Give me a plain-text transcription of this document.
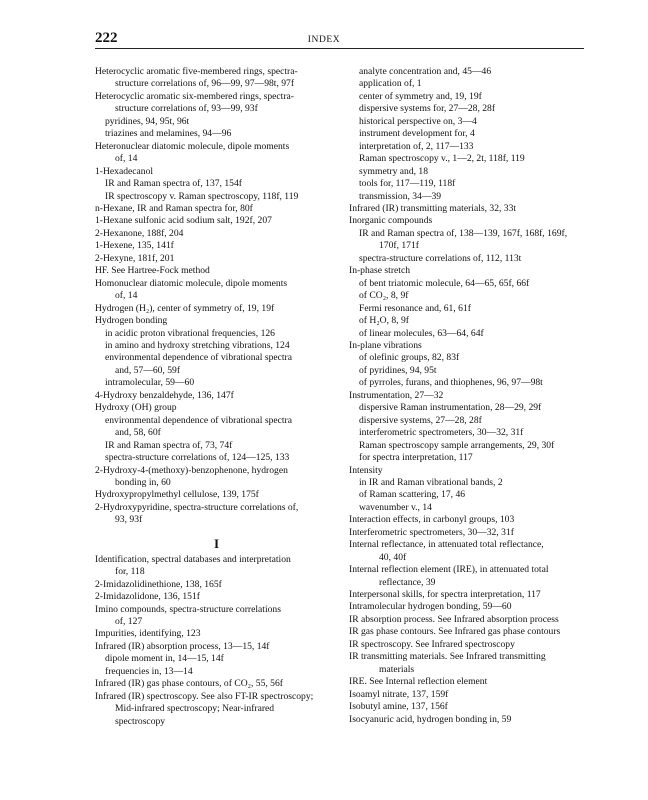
222	INDEX
Heterocyclic aromatic five-membered rings, spectra-
structure correlations of, 96—99, 97—98t, 97f
Heterocyclic aromatic six-membered rings, spectra-
structure correlations of, 93—99, 93f
pyridines, 94, 95t, 96t
triazines and melamines, 94—96
Heteronuclear diatomic molecule, dipole moments
of, 14
1-Hexadecanol
IR and Raman spectra of, 137, 154f
IR spectroscopy v. Raman spectroscopy, 118f, 119
n-Hexane, IR and Raman spectra for, 80f
1-Hexane sulfonic acid sodium salt, 192f, 207
2-Hexanone, 188f, 204
1-Hexene, 135, 141f
2-Hexyne, 181f, 201
HF. See Hartree-Fock method
Homonuclear diatomic molecule, dipole moments
of, 14
Hydrogen (H₂), center of symmetry of, 19, 19f
Hydrogen bonding
in acidic proton vibrational frequencies, 126
in amino and hydroxy stretching vibrations, 124
environmental dependence of vibrational spectra
and, 57—60, 59f
intramolecular, 59—60
4-Hydroxy benzaldehyde, 136, 147f
Hydroxy (OH) group
environmental dependence of vibrational spectra
and, 58, 60f
IR and Raman spectra of, 73, 74f
spectra-structure correlations of, 124—125, 133
2-Hydroxy-4-(methoxy)-benzophenone, hydrogen
bonding in, 60
Hydroxypropylmethyl cellulose, 139, 175f
2-Hydroxypyridine, spectra-structure correlations of,
93, 93f
I
Identification, spectral databases and interpretation
for, 118
2-Imidazolidinethione, 138, 165f
2-Imidazolidone, 136, 151f
Imino compounds, spectra-structure correlations
of, 127
Impurities, identifying, 123
Infrared (IR) absorption process, 13—15, 14f
dipole moment in, 14—15, 14f
frequencies in, 13—14
Infrared (IR) gas phase contours, of CO₂, 55, 56f
Infrared (IR) spectroscopy. See also FT-IR spectroscopy;
Mid-infrared spectroscopy; Near-infrared
spectroscopy
analyte concentration and, 45—46
application of, 1
center of symmetry and, 19, 19f
dispersive systems for, 27—28, 28f
historical perspective on, 3—4
instrument development for, 4
interpretation of, 2, 117—133
Raman spectroscopy v., 1—2, 2t, 118f, 119
symmetry and, 18
tools for, 117—119, 118f
transmission, 34—39
Infrared (IR) transmitting materials, 32, 33t
Inorganic compounds
IR and Raman spectra of, 138—139, 167f, 168f, 169f,
170f, 171f
spectra-structure correlations of, 112, 113t
In-phase stretch
of bent triatomic molecule, 64—65, 65f, 66f
of CO₂, 8, 9f
Fermi resonance and, 61, 61f
of H₂O, 8, 9f
of linear molecules, 63—64, 64f
In-plane vibrations
of olefinic groups, 82, 83f
of pyridines, 94, 95t
of pyrroles, furans, and thiophenes, 96, 97—98t
Instrumentation, 27—32
dispersive Raman instrumentation, 28—29, 29f
dispersive systems, 27—28, 28f
interferometric spectrometers, 30—32, 31f
Raman spectroscopy sample arrangements, 29, 30f
for spectra interpretation, 117
Intensity
in IR and Raman vibrational bands, 2
of Raman scattering, 17, 46
wavenumber v., 14
Interaction effects, in carbonyl groups, 103
Interferometric spectrometers, 30—32, 31f
Internal reflectance, in attenuated total reflectance,
40, 40f
Internal reflection element (IRE), in attenuated total
reflectance, 39
Interpersonal skills, for spectra interpretation, 117
Intramolecular hydrogen bonding, 59—60
IR absorption process. See Infrared absorption process
IR gas phase contours. See Infrared gas phase contours
IR spectroscopy. See Infrared spectroscopy
IR transmitting materials. See Infrared transmitting
materials
IRE. See Internal reflection element
Isoamyl nitrate, 137, 159f
Isobutyl amine, 137, 156f
Isocyanuric acid, hydrogen bonding in, 59
